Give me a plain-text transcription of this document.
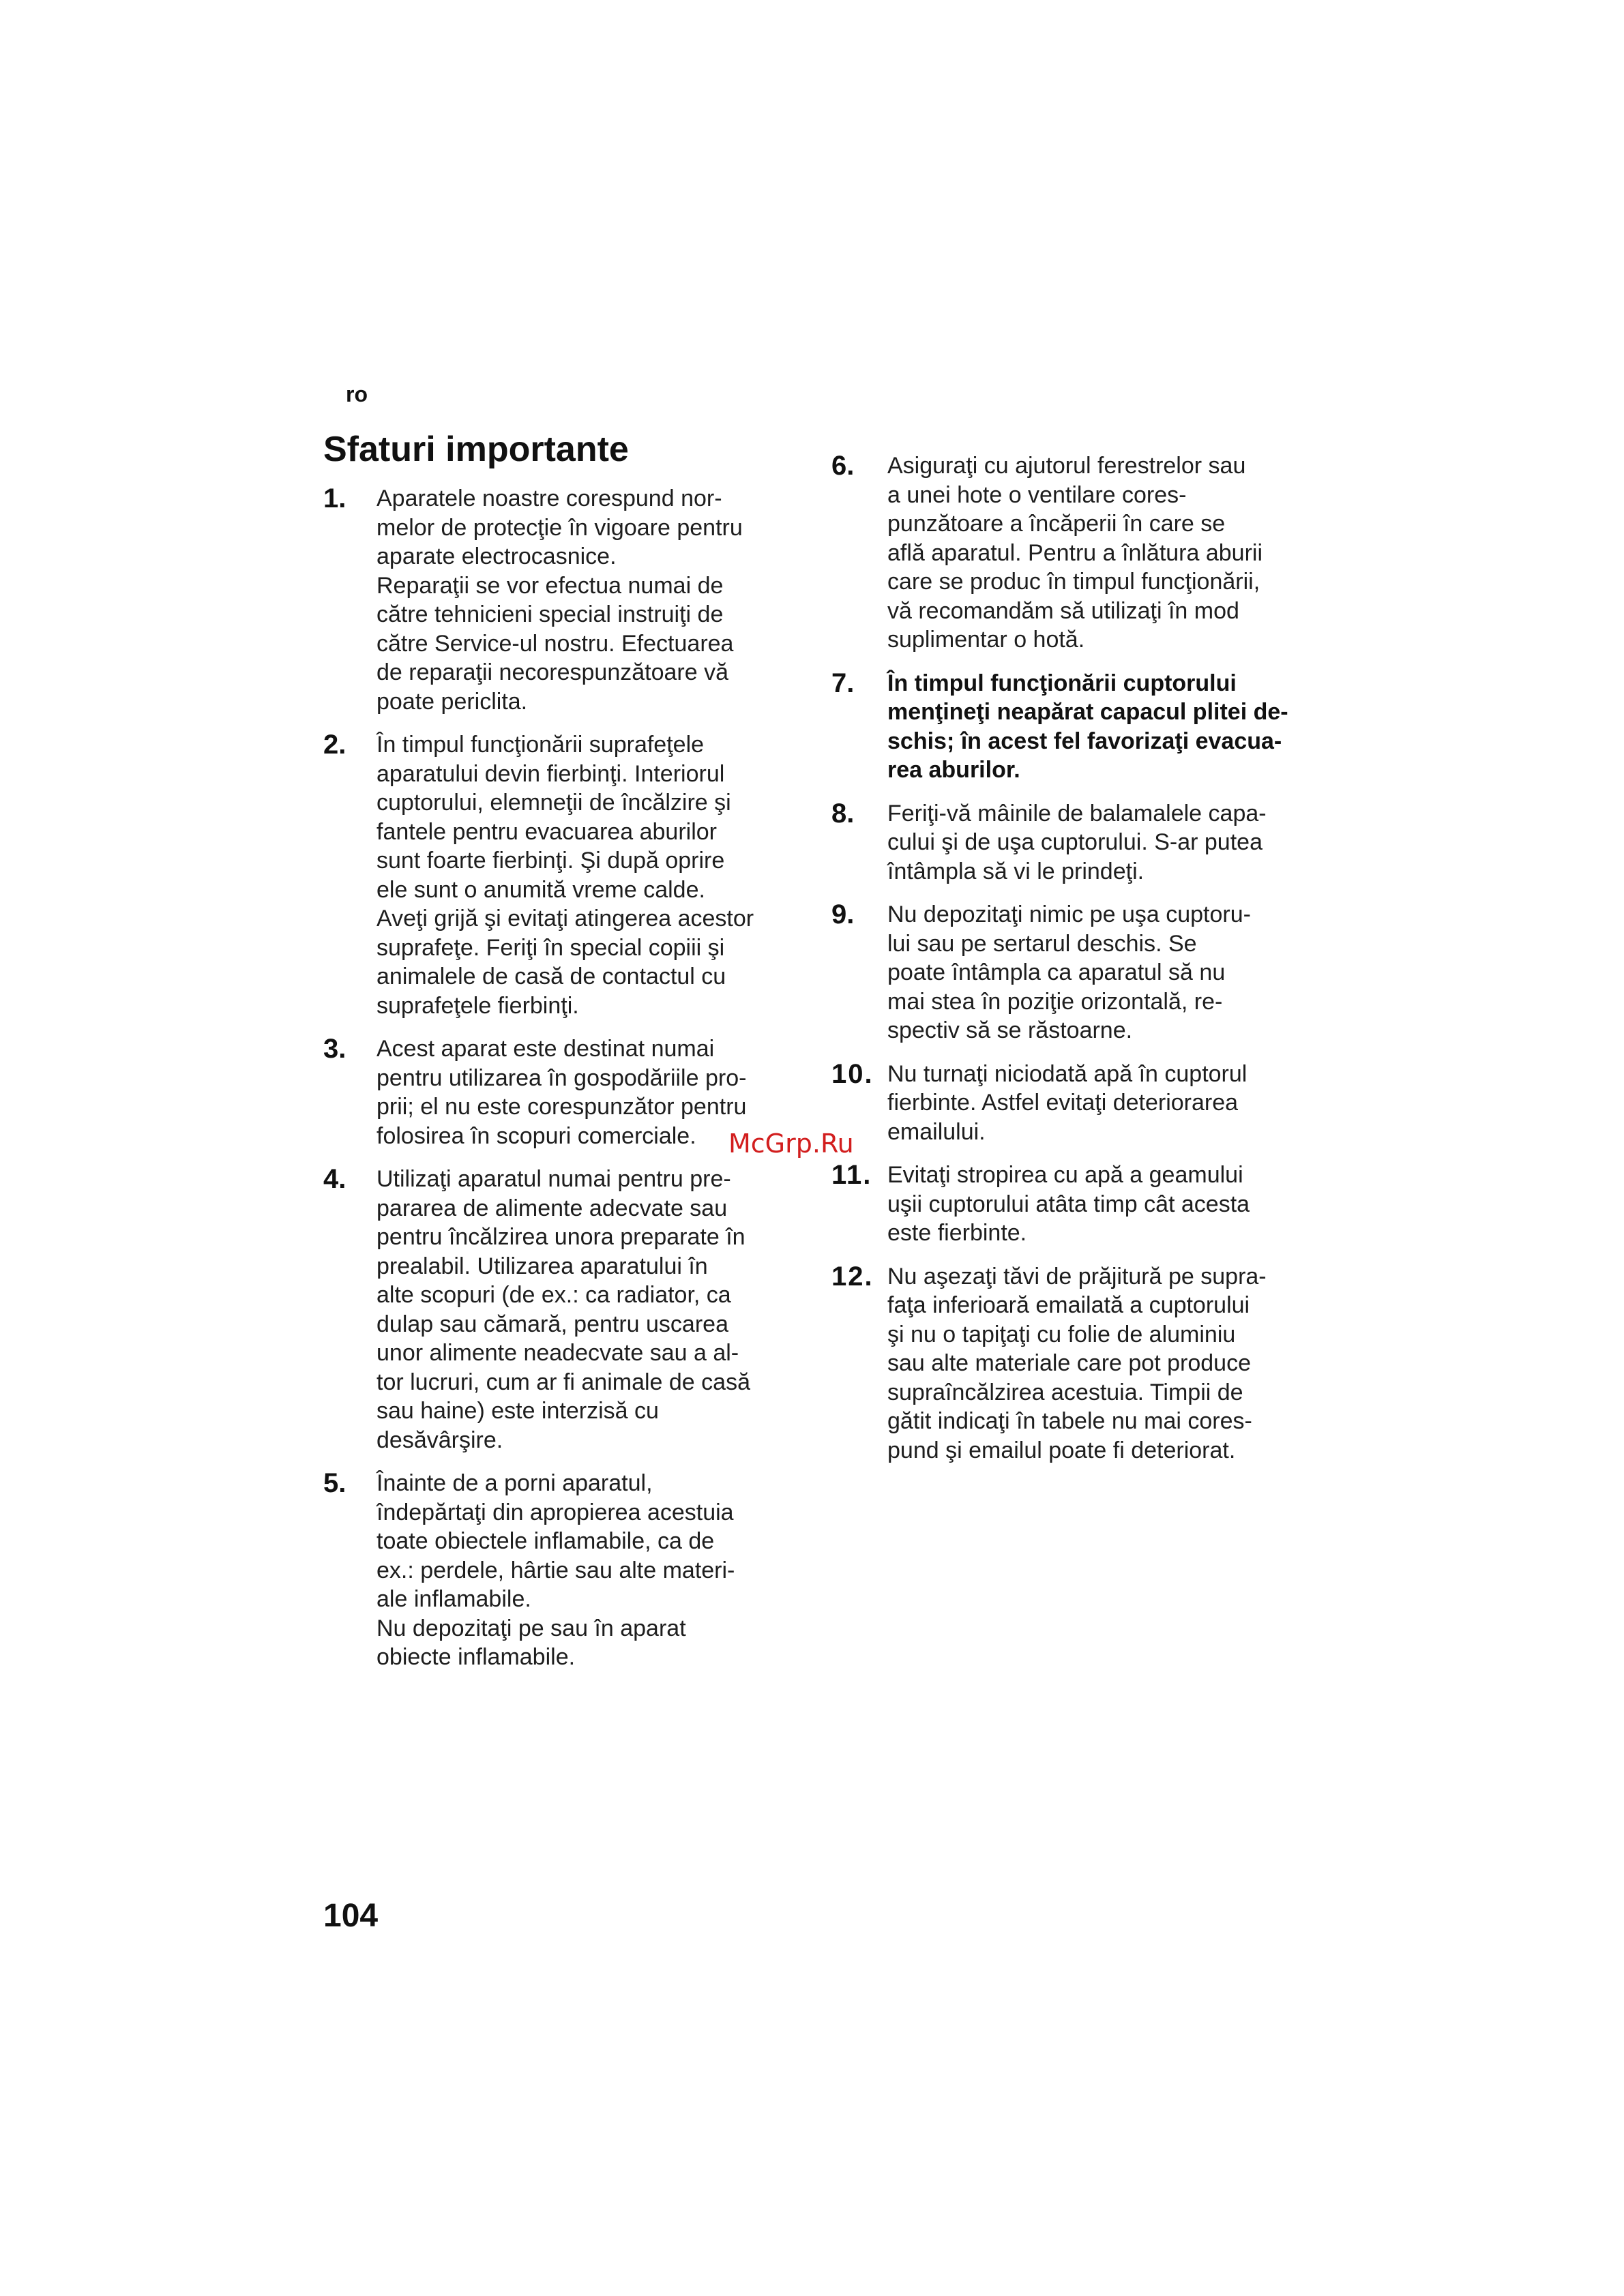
ro
Sfaturi importante
1.	Aparatele noastre corespund nor-
melor de protecţie în vigoare pentru
aparate electrocasnice.
Reparaţii se vor efectua numai de
către tehnicieni special instruiţi de
către Service-ul nostru. Efectuarea
de reparaţii necorespunzătoare vă
poate periclita.
2.	În timpul funcţionării suprafeţele
aparatului devin fierbinţi. Interiorul
cuptorului, elemneţii de încălzire şi
fantele pentru evacuarea aburilor
sunt foarte fierbinţi. Şi după oprire
ele sunt o anumită vreme calde.
Aveţi grijă şi evitaţi atingerea acestor
suprafeţe. Feriţi în special copiii şi
animalele de casă de contactul cu
suprafeţele fierbinţi.
3.	Acest aparat este destinat numai
pentru utilizarea în gospodăriile pro-
prii; el nu este corespunzător pentru
folosirea în scopuri comerciale.
4.	Utilizaţi aparatul numai pentru pre-
pararea de alimente adecvate sau
pentru încălzirea unora preparate în
prealabil. Utilizarea aparatului în
alte scopuri (de ex.: ca radiator, ca
dulap sau cămară, pentru uscarea
unor alimente neadecvate sau a al-
tor lucruri, cum ar fi animale de casă
sau haine) este interzisă cu
desăvârşire.
5.	Înainte de a porni aparatul,
îndepărtaţi din apropierea acestuia
toate obiectele inflamabile, ca de
ex.: perdele, hârtie sau alte materi-
ale inflamabile.
Nu depozitaţi pe sau în aparat
obiecte inflamabile.
6.	Asiguraţi cu ajutorul ferestrelor sau
a unei hote o ventilare cores-
punzătoare a încăperii în care se
află aparatul. Pentru a înlătura aburii
care se produc în timpul funcţionării,
vă recomandăm să utilizaţi în mod
suplimentar o hotă.
7.	În timpul funcţionării cuptorului
menţineţi neapărat capacul plitei de-
schis; în acest fel favorizaţi evacua-
rea aburilor.
8.	Feriţi-vă mâinile de balamalele capa-
cului şi de uşa cuptorului. S-ar putea
întâmpla să vi le prindeţi.
9.	Nu depozitaţi nimic pe uşa cuptoru-
lui sau pe sertarul deschis. Se
poate întâmpla ca aparatul să nu
mai stea în poziţie orizontală, re-
spectiv să se răstoarne.
10. Nu turnaţi niciodată apă în cuptorul
fierbinte. Astfel evitaţi deteriorarea
emailului.
11. Evitaţi stropirea cu apă a geamului
uşii cuptorului atâta timp cât acesta
este fierbinte.
12. Nu aşezaţi tăvi de prăjitură pe supra-
faţa inferioară emailată a cuptorului
şi nu o tapiţaţi cu folie de aluminiu
sau alte materiale care pot produce
supraîncălzirea acestuia. Timpii de
gătit indicaţi în tabele nu mai cores-
pund şi emailul poate fi deteriorat.
McGrp.Ru
104
